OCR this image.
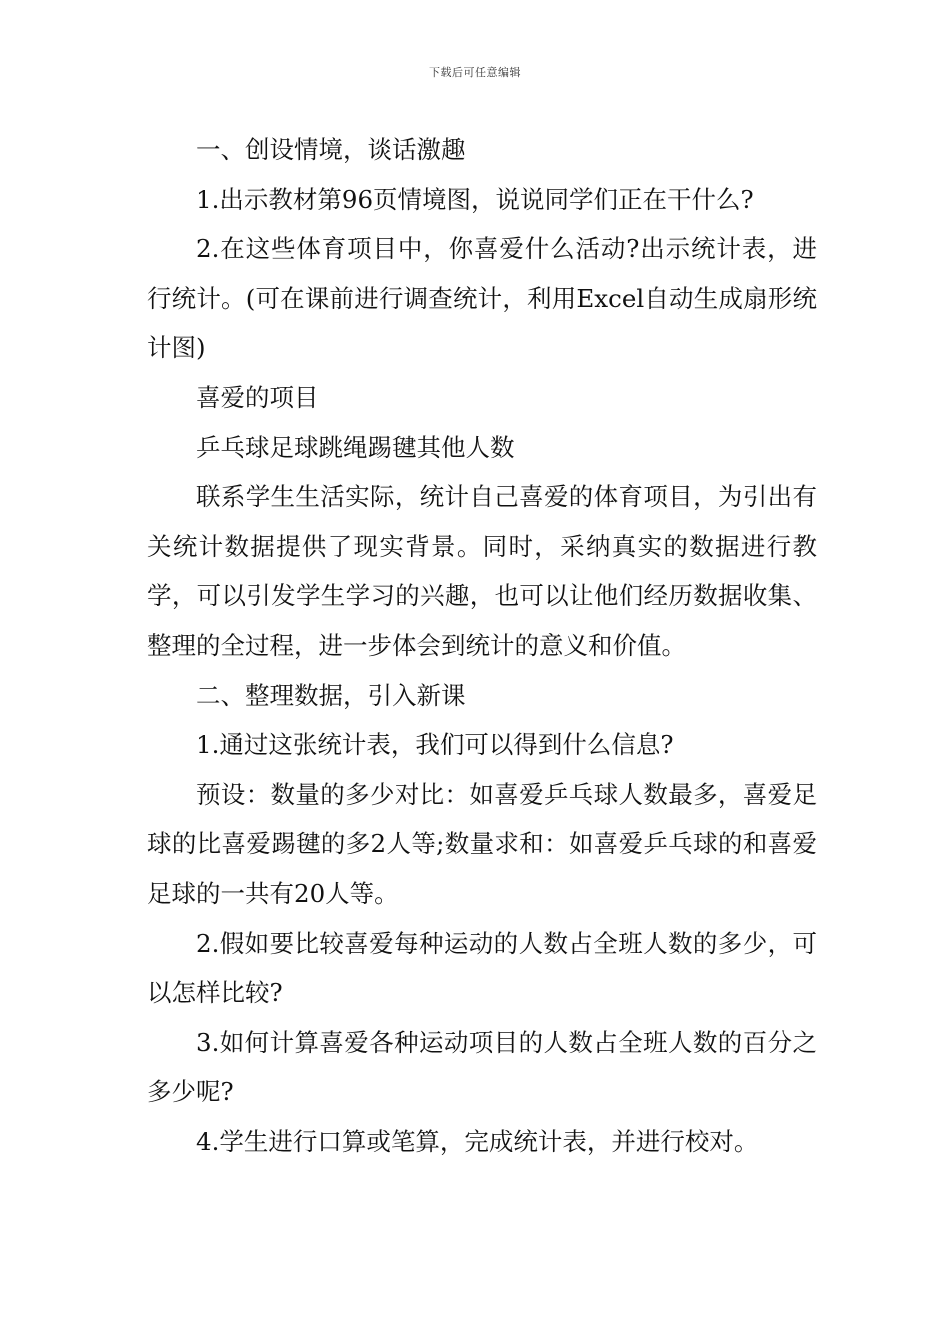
下载后可任意编辑

一、创设情境，谈话激趣

1.出示教材第96页情境图，说说同学们正在干什么?

2.在这些体育项目中，你喜爱什么活动?出示统计表，进行统计。(可在课前进行调查统计，利用Excel自动生成扇形统计图)

喜爱的项目

乒乓球足球跳绳踢毽其他人数

联系学生生活实际，统计自己喜爱的体育项目，为引出有关统计数据提供了现实背景。同时，采纳真实的数据进行教学，可以引发学生学习的兴趣，也可以让他们经历数据收集、整理的全过程，进一步体会到统计的意义和价值。

二、整理数据，引入新课

1.通过这张统计表，我们可以得到什么信息?

预设：数量的多少对比：如喜爱乒乓球人数最多，喜爱足球的比喜爱踢毽的多2人等;数量求和：如喜爱乒乓球的和喜爱足球的一共有20人等。

2.假如要比较喜爱每种运动的人数占全班人数的多少，可以怎样比较?

3.如何计算喜爱各种运动项目的人数占全班人数的百分之多少呢?

4.学生进行口算或笔算，完成统计表，并进行校对。
